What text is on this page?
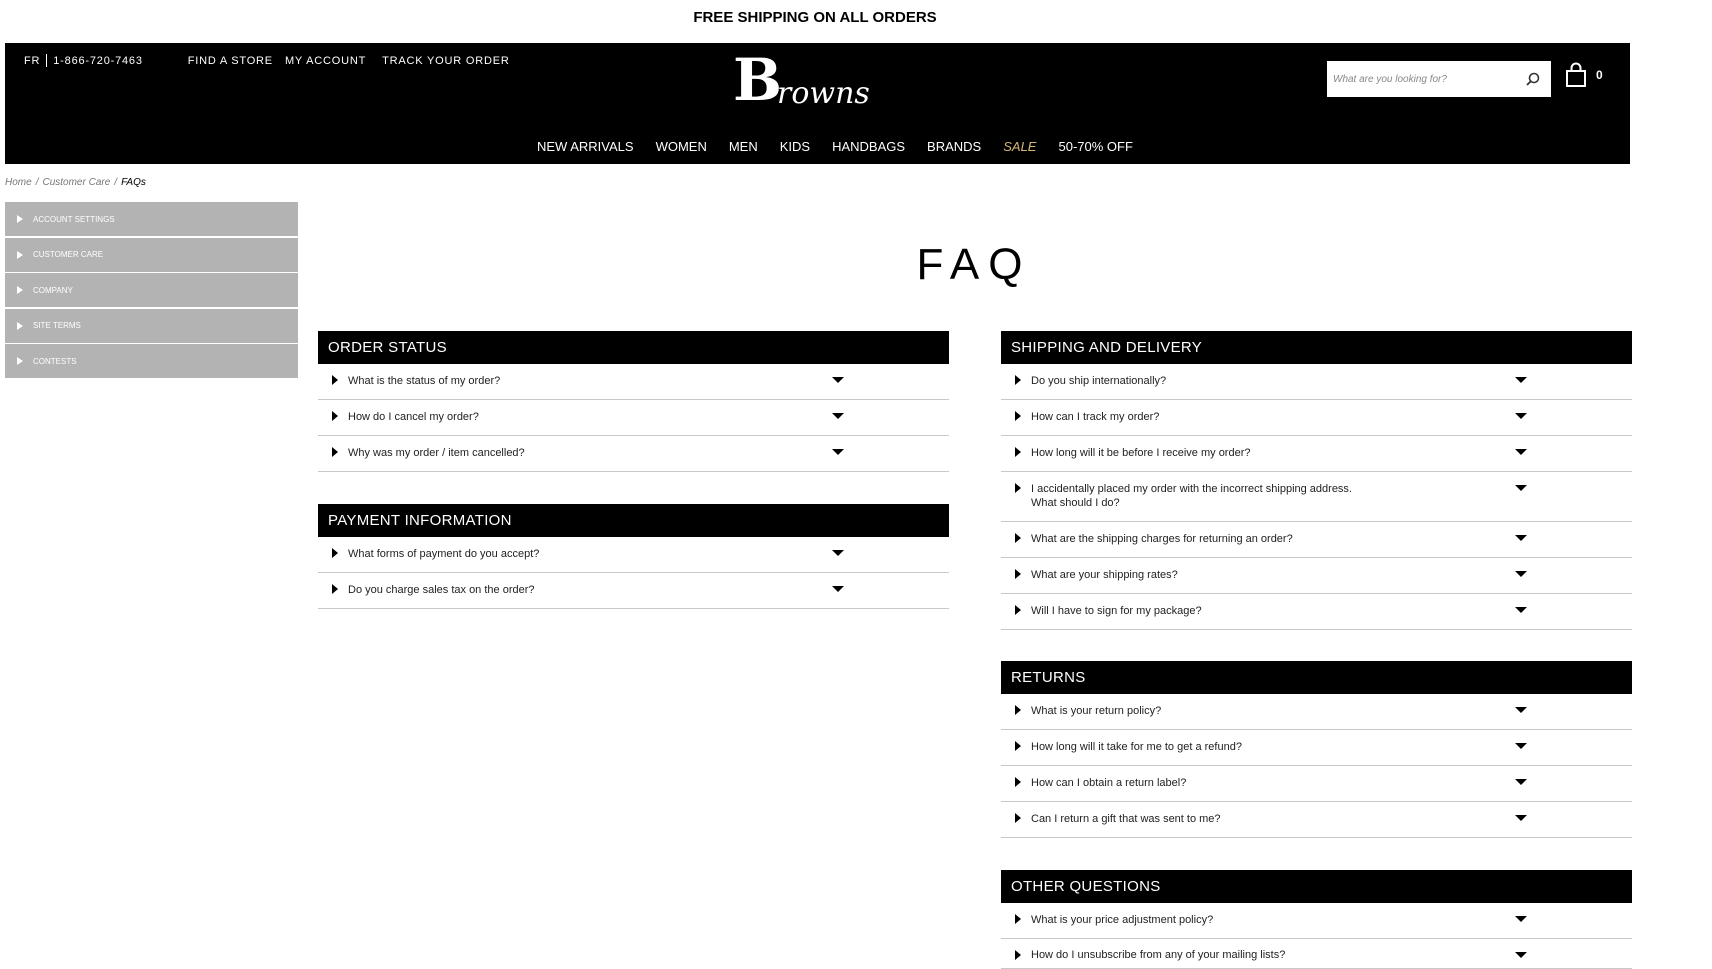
FREE SHIPPING ON ALL ORDERS
FR 1-866-720-7463	FIND A STORE MY ACCOUNT TRACK YOUR ORDER	B
rowns
What are you looking for?
0
NEW ARRIVALS WOMEN MEN KIDS HANDBAGS BRANDS SALE 50-70% OFF
Home / Customer Care / FAQs
ACCOUNT SETTINGS
CUSTOMER CARE
COMPANY
SITE TERMS
CONTESTS
FAQ
ORDER STATUS
What is the status of my order?
How do I cancel my order?
Why was my order / item cancelled?
PAYMENT INFORMATION
What forms of payment do you accept?
Do you charge sales tax on the order?
SHIPPING AND DELIVERY
Do you ship internationally?
How can I track my order?
How long will it be before I receive my order?
I accidentally placed my order with the incorrect shipping address. What should I do?
What are the shipping charges for returning an order?
What are your shipping rates?
Will I have to sign for my package?
RETURNS
What is your return policy?
How long will it take for me to get a refund?
How can I obtain a return label?
Can I return a gift that was sent to me?
OTHER QUESTIONS
What is your price adjustment policy?
How do I unsubscribe from any of your mailing lists?
